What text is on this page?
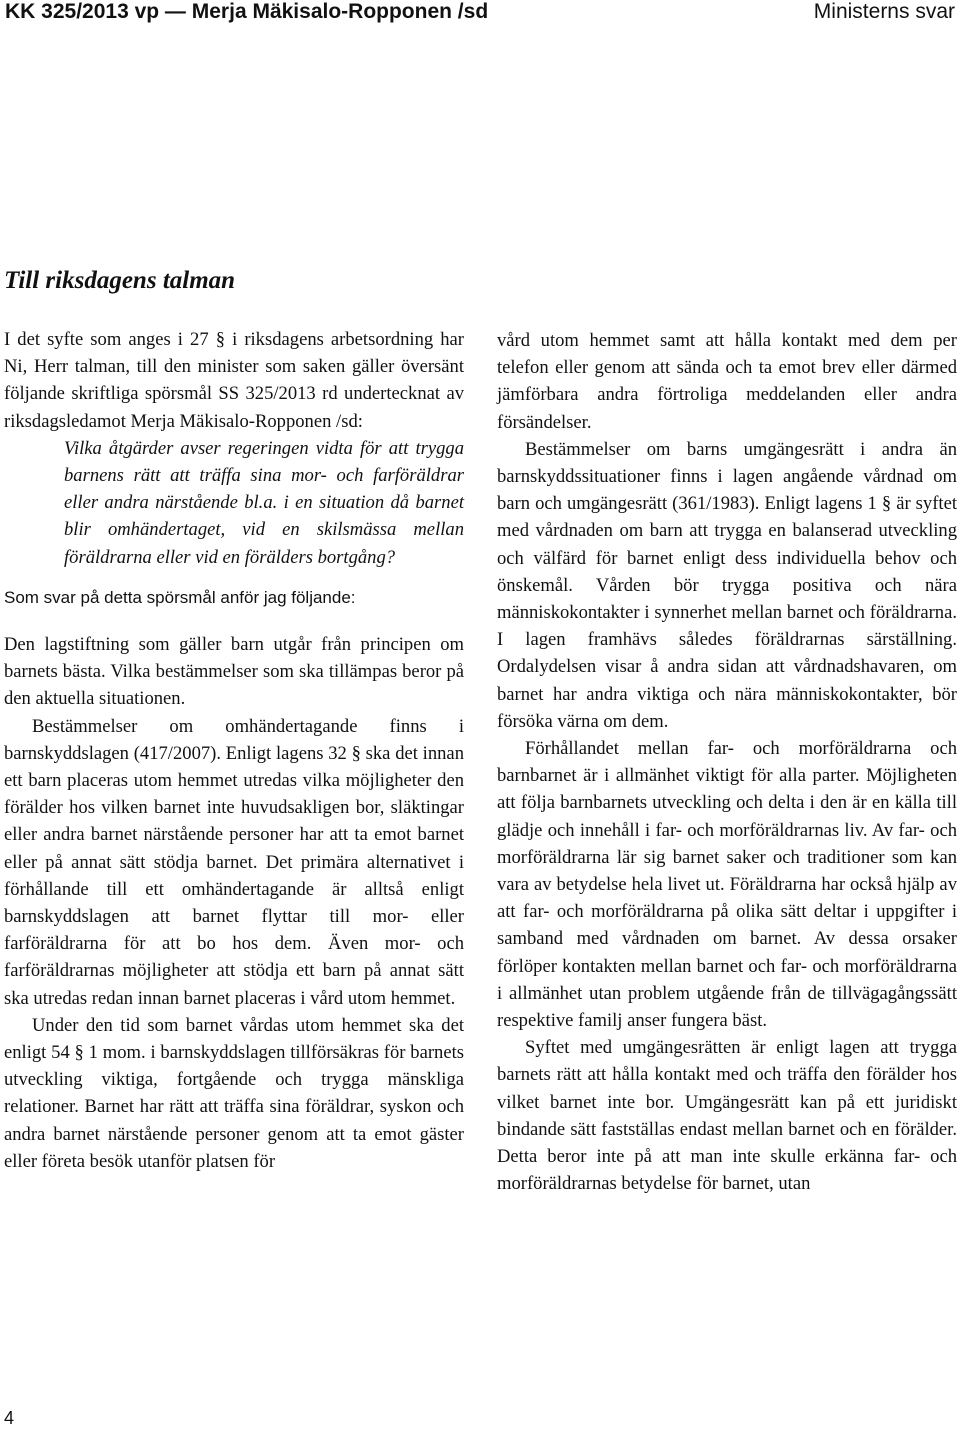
KK 325/2013 vp — Merja Mäkisalo-Ropponen /sd	Ministerns svar
Till riksdagens talman

I det syfte som anges i 27 § i riksdagens arbetsordning har Ni, Herr talman, till den minister som saken gäller översänt följande skriftliga spörsmål SS 325/2013 rd undertecknat av riksdagsledamot Merja Mäkisalo-Ropponen /sd:

Vilka åtgärder avser regeringen vidta för att trygga barnens rätt att träffa sina mor- och farföräldrar eller andra närstående bl.a. i en situation då barnet blir omhändertaget, vid en skilsmässa mellan föräldrarna eller vid en förälders bortgång?

Som svar på detta spörsmål anför jag följande:

Den lagstiftning som gäller barn utgår från principen om barnets bästa. Vilka bestämmelser som ska tillämpas beror på den aktuella situationen.

Bestämmelser om omhändertagande finns i barnskyddslagen (417/2007). Enligt lagens 32 § ska det innan ett barn placeras utom hemmet utredas vilka möjligheter den förälder hos vilken barnet inte huvudsakligen bor, släktingar eller andra barnet närstående personer har att ta emot barnet eller på annat sätt stödja barnet. Det primära alternativet i förhållande till ett omhändertagande är alltså enligt barnskyddslagen att barnet flyttar till mor- eller farföräldrarna för att bo hos dem. Även mor- och farföräldrarnas möjligheter att stödja ett barn på annat sätt ska utredas redan innan barnet placeras i vård utom hemmet.

Under den tid som barnet vårdas utom hemmet ska det enligt 54 § 1 mom. i barnskyddslagen tillförsäkras för barnets utveckling viktiga, fortgående och trygga mänskliga relationer. Barnet har rätt att träffa sina föräldrar, syskon och andra barnet närstående personer genom att ta emot gäster eller företa besök utanför platsen för

vård utom hemmet samt att hålla kontakt med dem per telefon eller genom att sända och ta emot brev eller därmed jämförbara andra förtroliga meddelanden eller andra försändelser.

Bestämmelser om barns umgängesrätt i andra än barnskyddssituationer finns i lagen angående vårdnad om barn och umgängesrätt (361/1983). Enligt lagens 1 § är syftet med vårdnaden om barn att trygga en balanserad utveckling och välfärd för barnet enligt dess individuella behov och önskemål. Vården bör trygga positiva och nära människokontakter i synnerhet mellan barnet och föräldrarna. I lagen framhävs således föräldrarnas särställning. Ordalydelsen visar å andra sidan att vårdnadshavaren, om barnet har andra viktiga och nära människokontakter, bör försöka värna om dem.

Förhållandet mellan far- och morföräldrarna och barnbarnet är i allmänhet viktigt för alla parter. Möjligheten att följa barnbarnets utveckling och delta i den är en källa till glädje och innehåll i far- och morföräldrarnas liv. Av far- och morföräldrarna lär sig barnet saker och traditioner som kan vara av betydelse hela livet ut. Föräldrarna har också hjälp av att far- och morföräldrarna på olika sätt deltar i uppgifter i samband med vårdnaden om barnet. Av dessa orsaker förlöper kontakten mellan barnet och far- och morföräldrarna i allmänhet utan problem utgående från de tillvägagångssätt respektive familj anser fungera bäst.

Syftet med umgängesrätten är enligt lagen att trygga barnets rätt att hålla kontakt med och träffa den förälder hos vilket barnet inte bor. Umgängesrätt kan på ett juridiskt bindande sätt fastställas endast mellan barnet och en förälder. Detta beror inte på att man inte skulle erkänna far- och morföräldrarnas betydelse för barnet, utan

4
